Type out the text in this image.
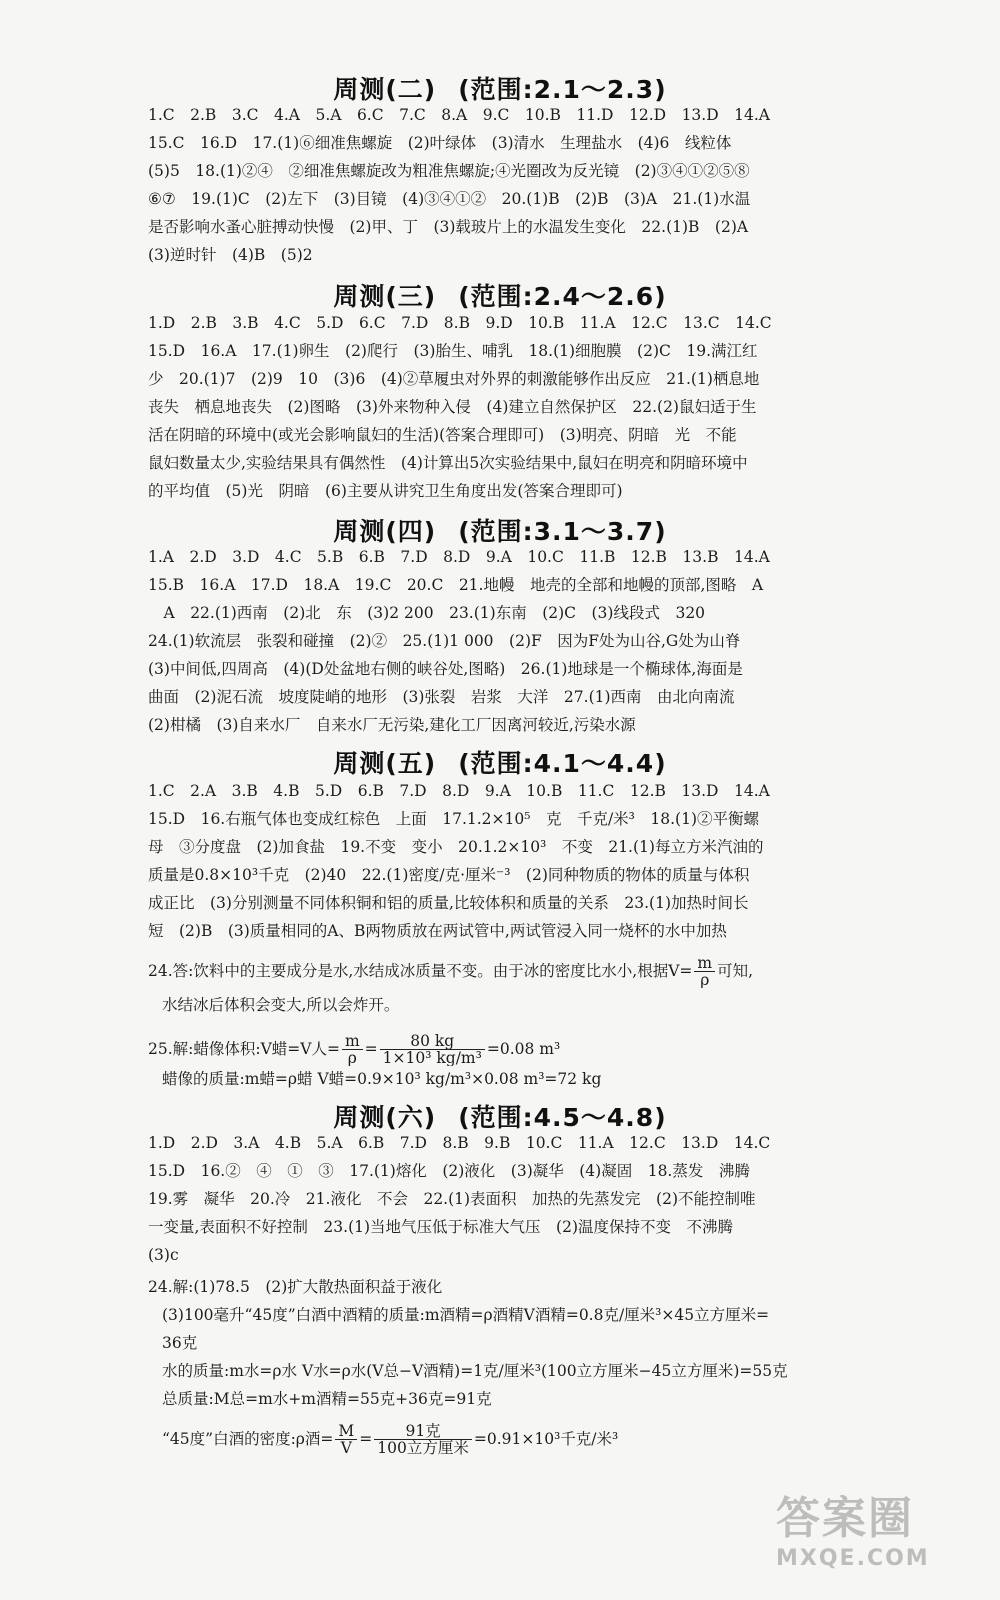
周测(二) (范围:2.1～2.3)
1.C　2.B　3.C　4.A　5.A　6.C　7.C　8.A　9.C　10.B　11.D　12.D　13.D　14.A
15.C　16.D　17.(1)⑥细准焦螺旋　(2)叶绿体　(3)清水　生理盐水　(4)6　线粒体
(5)5　18.(1)②④　②细准焦螺旋改为粗准焦螺旋;④光圈改为反光镜　(2)③④①②⑤⑧
⑥⑦　19.(1)C　(2)左下　(3)目镜　(4)③④①②　20.(1)B　(2)B　(3)A　21.(1)水温
是否影响水蚤心脏搏动快慢　(2)甲、丁　(3)载玻片上的水温发生变化　22.(1)B　(2)A
(3)逆时针　(4)B　(5)2
周测(三) (范围:2.4～2.6)
1.D　2.B　3.B　4.C　5.D　6.C　7.D　8.B　9.D　10.B　11.A　12.C　13.C　14.C
15.D　16.A　17.(1)卵生　(2)爬行　(3)胎生、哺乳　18.(1)细胞膜　(2)C　19.满江红
少　20.(1)7　(2)9　10　(3)6　(4)②草履虫对外界的刺激能够作出反应　21.(1)栖息地
丧失　栖息地丧失　(2)图略　(3)外来物种入侵　(4)建立自然保护区　22.(2)鼠妇适于生
活在阴暗的环境中(或光会影响鼠妇的生活)(答案合理即可)　(3)明亮、阴暗　光　不能
鼠妇数量太少,实验结果具有偶然性　(4)计算出5次实验结果中,鼠妇在明亮和阴暗环境中
的平均值　(5)光　阴暗　(6)主要从讲究卫生角度出发(答案合理即可)
周测(四) (范围:3.1～3.7)
1.A　2.D　3.D　4.C　5.B　6.B　7.D　8.D　9.A　10.C　11.B　12.B　13.B　14.A
15.B　16.A　17.D　18.A　19.C　20.C　21.地幔　地壳的全部和地幔的顶部,图略　A
　A　22.(1)西南　(2)北　东　(3)2 200　23.(1)东南　(2)C　(3)线段式　320
24.(1)软流层　张裂和碰撞　(2)②　25.(1)1 000　(2)F　因为F处为山谷,G处为山脊
(3)中间低,四周高　(4)(D处盆地右侧的峡谷处,图略)　26.(1)地球是一个椭球体,海面是
曲面　(2)泥石流　坡度陡峭的地形　(3)张裂　岩浆　大洋　27.(1)西南　由北向南流
(2)柑橘　(3)自来水厂　自来水厂无污染,建化工厂因离河较近,污染水源
周测(五) (范围:4.1～4.4)
1.C　2.A　3.B　4.B　5.D　6.B　7.D　8.D　9.A　10.B　11.C　12.B　13.D　14.A
15.D　16.右瓶气体也变成红棕色　上面　17.1.2×10⁵　克　千克/米³　18.(1)②平衡螺
母　③分度盘　(2)加食盐　19.不变　变小　20.1.2×10³　不变　21.(1)每立方米汽油的
质量是0.8×10³千克　(2)40　22.(1)密度/克·厘米⁻³　(2)同种物质的物体的质量与体积
成正比　(3)分别测量不同体积铜和铝的质量,比较体积和质量的关系　23.(1)加热时间长
短　(2)B　(3)质量相同的A、B两物质放在两试管中,两试管浸入同一烧杯的水中加热
24.答:饮料中的主要成分是水,水结成冰质量不变。由于冰的密度比水小,根据$V= \frac{m}{\rho}$ 可知,
水结冰后体积会变大,所以会炸开。
25.解:蜡像体积:V蜡=V人= $\frac{m}{\rho} = \frac{80 kg}{\text{1×10³ kg/m³}} =0.08$ m³
蜡像的质量:m蜡=ρ蜡 V蜡=0.9×10³ kg/m³×0.08 m³=72 kg
周测(六) (范围:4.5～4.8)
1.D　2.D　3.A　4.B　5.A　6.B　7.D　8.B　9.B　10.C　11.A　12.C　13.D　14.C
15.D　16.②　④　①　③　17.(1)熔化　(2)液化　(3)凝华　(4)凝固　18.蒸发　沸腾
19.雾　凝华　20.冷　21.液化　不会　22.(1)表面积　加热的先蒸发完　(2)不能控制唯
一变量,表面积不好控制　23.(1)当地气压低于标准大气压　(2)温度保持不变　不沸腾
(3)c
24.解:(1)78.5　(2)扩大散热面积益于液化
(3)100毫升“45度”白酒中酒精的质量:m酒精=ρ酒精V酒精=0.8克/厘米³×45立方厘米=
36克
水的质量:m水=ρ水 V水=ρ水(V总−V酒精)=1克/厘米³(100立方厘米−45立方厘米)=55克
总质量:M总=m水+m酒精=55克+36克=91克
“45度”白酒的密度:ρ酒= $\frac{M}{V} = \frac{\text{91克}}{\text{100立方厘米}} =0.91\times 10^3$千克/米³
答案圈
MXQE.COM
